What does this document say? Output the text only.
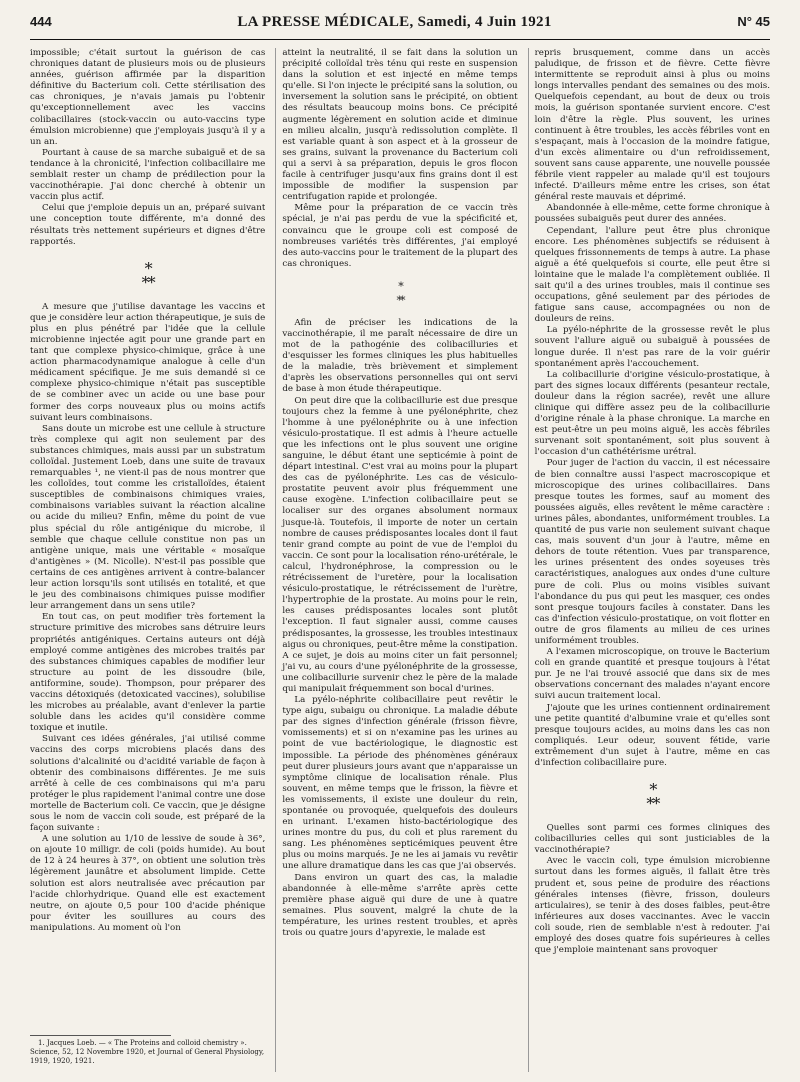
444	LA PRESSE MÉDICALE, Samedi, 4 Juin 1921	N° 45

impossible; c'était surtout la guérison de cas chroniques datant de plusieurs mois ou de plusieurs années, guérison affirmée par la disparition définitive du Bacterium coli. Cette stérilisation des cas chroniques, je n'avais jamais pu l'obtenir qu'exceptionnellement avec les vaccins colibacillaires (stock-vaccin ou auto-vaccins type émulsion microbienne) que j'employais jusqu'à il y a un an.

Pourtant à cause de sa marche subaiguë et de sa tendance à la chronicité, l'infection colibacillaire me semblait rester un champ de prédilection pour la vaccinothérapie. J'ai donc cherché à obtenir un vaccin plus actif.

Celui que j'emploie depuis un an, préparé suivant une conception toute différente, m'a donné des résultats très nettement supérieurs et dignes d'être rapportés.

*
**

A mesure que j'utilise davantage les vaccins et que je considère leur action thérapeutique, je suis de plus en plus pénétré par l'idée que la cellule microbienne injectée agit pour une grande part en tant que complexe physico-chimique, grâce à une action pharmacodynamique analogue à celle d'un médicament spécifique. Je me suis demandé si ce complexe physico-chimique n'était pas susceptible de se combiner avec un acide ou une base pour former des corps nouveaux plus ou moins actifs suivant leurs combinaisons.

Sans doute un microbe est une cellule à structure très complexe qui agit non seulement par des substances chimiques, mais aussi par un substratum colloïdal. Justement Loeb, dans une suite de travaux remarquables ¹, ne vient-il pas de nous montrer que les colloïdes, tout comme les cristalloïdes, étaient susceptibles de combinaisons chimiques vraies, combinaisons variables suivant la réaction alcaline ou acide du milieu? Enfin, même du point de vue plus spécial du rôle antigénique du microbe, il semble que chaque cellule constitue non pas un antigène unique, mais une véritable « mosaïque d'antigènes » (M. Nicolle). N'est-il pas possible que certains de ces antigènes arrivent à contre-balancer leur action lorsqu'ils sont utilisés en totalité, et que le jeu des combinaisons chimiques puisse modifier leur arrangement dans un sens utile?

En tout cas, on peut modifier très fortement la structure primitive des microbes sans détruire leurs propriétés antigéniques. Certains auteurs ont déjà employé comme antigènes des microbes traités par des substances chimiques capables de modifier leur structure au point de les dissoudre (bile, antiformine, soude). Thompson, pour préparer des vaccins détoxiqués (detoxicated vaccines), solubilise les microbes au préalable, avant d'enlever la partie soluble dans les acides qu'il considère comme toxique et inutile.

Suivant ces idées générales, j'ai utilisé comme vaccins des corps microbiens placés dans des solutions d'alcalinité ou d'acidité variable de façon à obtenir des combinaisons différentes. Je me suis arrêté à celle de ces combinaisons qui m'a paru protéger le plus rapidement l'animal contre une dose mortelle de Bacterium coli. Ce vaccin, que je désigne sous le nom de vaccin coli soude, est préparé de la façon suivante :

A une solution au 1/10 de lessive de soude à 36°, on ajoute 10 milligr. de coli (poids humide). Au bout de 12 à 24 heures à 37°, on obtient une solution très légèrement jaunâtre et absolument limpide. Cette solution est alors neutralisée avec précaution par l'acide chlorhydrique. Quand elle est exactement neutre, on ajoute 0,5 pour 100 d'acide phénique pour éviter les souillures au cours des manipulations. Au moment où l'on

1. Jacques Loeb. — « The Proteins and colloid chemistry ». Science, 52, 12 Novembre 1920, et Journal of General Physiology, 1919, 1920, 1921.

atteint la neutralité, il se fait dans la solution un précipité colloïdal très ténu qui reste en suspension dans la solution et est injecté en même temps qu'elle. Si l'on injecte le précipité sans la solution, ou inversement la solution sans le précipité, on obtient des résultats beaucoup moins bons. Ce précipité augmente légèrement en solution acide et diminue en milieu alcalin, jusqu'à redissolution complète. Il est variable quant à son aspect et à la grosseur de ses grains, suivant la provenance du Bacterium coli qui a servi à sa préparation, depuis le gros flocon facile à centrifuger jusqu'aux fins grains dont il est impossible de modifier la suspension par centrifugation rapide et prolongée.

Même pour la préparation de ce vaccin très spécial, je n'ai pas perdu de vue la spécificité et, convaincu que le groupe coli est composé de nombreuses variétés très différentes, j'ai employé des auto-vaccins pour le traitement de la plupart des cas chroniques.

*
**

Afin de préciser les indications de la vaccinothérapie, il me paraît nécessaire de dire un mot de la pathogénie des colibacilluries et d'esquisser les formes cliniques les plus habituelles de la maladie, très brièvement et simplement d'après les observations personnelles qui ont servi de base à mon étude thérapeutique.

On peut dire que la colibacillurie est due presque toujours chez la femme à une pyélonéphrite, chez l'homme à une pyélonéphrite ou à une infection vésiculo-prostatique. Il est admis à l'heure actuelle que les infections ont le plus souvent une origine sanguine, le début étant une septicémie à point de départ intestinal. C'est vrai au moins pour la plupart des cas de pyélonéphrite. Les cas de vésiculo-prostatite peuvent avoir plus fréquemment une cause exogène. L'infection colibacillaire peut se localiser sur des organes absolument normaux jusque-là. Toutefois, il importe de noter un certain nombre de causes prédisposantes locales dont il faut tenir grand compte au point de vue de l'emploi du vaccin. Ce sont pour la localisation réno-urétérale, le calcul, l'hydronéphrose, la compression ou le rétrécissement de l'uretère, pour la localisation vésiculo-prostatique, le rétrécissement de l'urètre, l'hypertrophie de la prostate. Au moins pour le rein, les causes prédisposantes locales sont plutôt l'exception. Il faut signaler aussi, comme causes prédisposantes, la grossesse, les troubles intestinaux aigus ou chroniques, peut-être même la constipation. A ce sujet, je dois au moins citer un fait personnel; j'ai vu, au cours d'une pyélonéphrite de la grossesse, une colibacillurie survenir chez le père de la malade qui manipulait fréquemment son bocal d'urines.

La pyélo-néphrite colibacillaire peut revêtir le type aigu, subaigu ou chronique. La maladie débute par des signes d'infection générale (frisson fièvre, vomissements) et si on n'examine pas les urines au point de vue bactériologique, le diagnostic est impossible. La période des phénomènes généraux peut durer plusieurs jours avant que n'apparaisse un symptôme clinique de localisation rénale. Plus souvent, en même temps que le frisson, la fièvre et les vomissements, il existe une douleur du rein, spontanée ou provoquée, quelquefois des douleurs en urinant. L'examen histo-bactériologique des urines montre du pus, du coli et plus rarement du sang. Les phénomènes septicémiques peuvent être plus ou moins marqués. Je ne les ai jamais vu revêtir une allure dramatique dans les cas que j'ai observés.

Dans environ un quart des cas, la maladie abandonnée à elle-même s'arrête après cette première phase aiguë qui dure de une à quatre semaines. Plus souvent, malgré la chute de la température, les urines restent troubles, et après trois ou quatre jours d'apyrexie, le malade est

repris brusquement, comme dans un accès paludique, de frisson et de fièvre. Cette fièvre intermittente se reproduit ainsi à plus ou moins longs intervalles pendant des semaines ou des mois. Quelquefois cependant, au bout de deux ou trois mois, la guérison spontanée survient encore. C'est loin d'être la règle. Plus souvent, les urines continuent à être troubles, les accès fébriles vont en s'espaçant, mais à l'occasion de la moindre fatigue, d'un excès alimentaire ou d'un refroidissement, souvent sans cause apparente, une nouvelle poussée fébrile vient rappeler au malade qu'il est toujours infecté. D'ailleurs même entre les crises, son état général reste mauvais et déprimé.

Abandonnée à elle-même, cette forme chronique à poussées subaiguës peut durer des années.

Cependant, l'allure peut être plus chronique encore. Les phénomènes subjectifs se réduisent à quelques frissonnements de temps à autre. La phase aiguë a été quelquefois si courte, elle peut être si lointaine que le malade l'a complètement oubliée. Il sait qu'il a des urines troubles, mais il continue ses occupations, gêné seulement par des périodes de fatigue sans cause, accompagnées ou non de douleurs de reins.

La pyélo-néphrite de la grossesse revêt le plus souvent l'allure aiguë ou subaiguë à poussées de longue durée. Il n'est pas rare de la voir guérir spontanément après l'accouchement.

La colibacillurie d'origine vésiculo-prostatique, à part des signes locaux différents (pesanteur rectale, douleur dans la région sacrée), revêt une allure clinique qui diffère assez peu de la colibacillurie d'origine rénale à la phase chronique. La marche en est peut-être un peu moins aiguë, les accès fébriles survenant soit spontanément, soit plus souvent à l'occasion d'un cathétérisme urétral.

Pour juger de l'action du vaccin, il est nécessaire de bien connaître aussi l'aspect macroscopique et microscopique des urines colibacillaires. Dans presque toutes les formes, sauf au moment des poussées aiguës, elles revêtent le même caractère : urines pâles, abondantes, uniformément troubles. La quantité de pus varie non seulement suivant chaque cas, mais souvent d'un jour à l'autre, même en dehors de toute rétention. Vues par transparence, les urines présentent des ondes soyeuses très caractéristiques, analogues aux ondes d'une culture pure de coli. Plus ou moins visibles suivant l'abondance du pus qui peut les masquer, ces ondes sont presque toujours faciles à constater. Dans les cas d'infection vésiculo-prostatique, on voit flotter en outre de gros filaments au milieu de ces urines uniformément troubles.

A l'examen microscopique, on trouve le Bacterium coli en grande quantité et presque toujours à l'état pur. Je ne l'ai trouvé associé que dans six de mes observations concernant des malades n'ayant encore suivi aucun traitement local.

J'ajoute que les urines contiennent ordinairement une petite quantité d'albumine vraie et qu'elles sont presque toujours acides, au moins dans les cas non compliqués. Leur odeur, souvent fétide, varie extrêmement d'un sujet à l'autre, même en cas d'infection colibacillaire pure.

*
**

Quelles sont parmi ces formes cliniques des colibacilluries celles qui sont justiciables de la vaccinothérapie?

Avec le vaccin coli, type émulsion microbienne surtout dans les formes aiguës, il fallait être très prudent et, sous peine de produire des réactions générales intenses (fièvre, frisson, douleurs articulaires), se tenir à des doses faibles, peut-être inférieures aux doses vaccinantes. Avec le vaccin coli soude, rien de semblable n'est à redouter. J'ai employé des doses quatre fois supérieures à celles que j'emploie maintenant sans provoquer
